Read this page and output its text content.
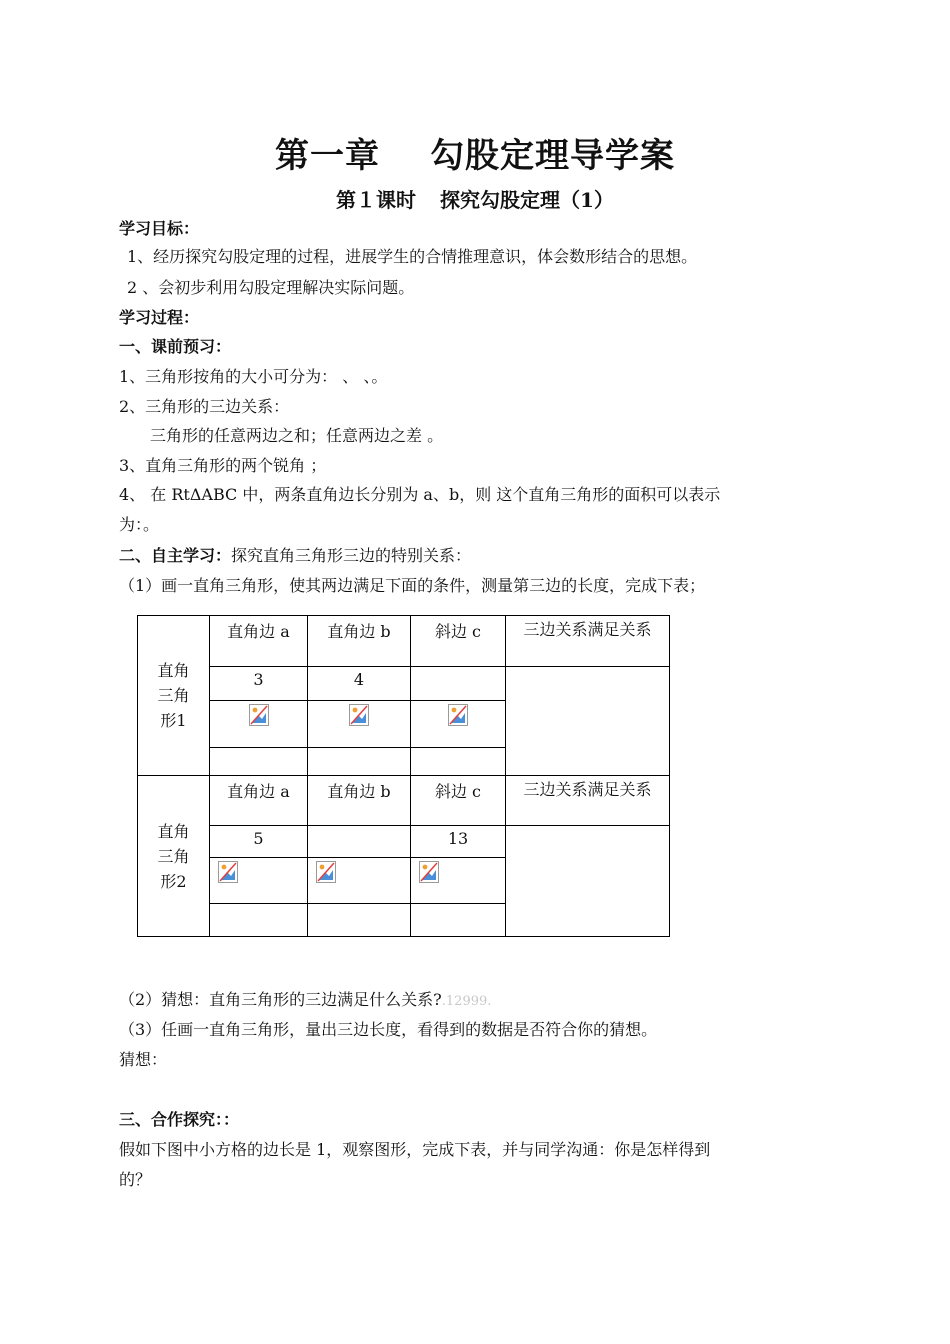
第一章 勾股定理导学案
第１课时 探究勾股定理（1）
学习目标：
1、经历探究勾股定理的过程，进展学生的合情推理意识，体会数形结合的思想。
2 、会初步利用勾股定理解决实际问题。
学习过程：
一、课前预习：
1、三角形按角的大小可分为： 、 、。
2、三角形的三边关系：
三角形的任意两边之和；任意两边之差 。
3、直角三角形的两个锐角 ；
4、 在 RtΔABC 中，两条直角边长分别为 a、b，则 这个直角三角形的面积可以表示
为：。
二、自主学习：探究直角三角形三边的特别关系：
（1）画一直角三角形，使其两边满足下面的条件，测量第三边的长度，完成下表；
直角三角形1	直角边 a	直角边 b	斜边 c	三边关系满足关系

	3	4		

直角三角形2	直角边 a	直角边 b	斜边 c	三边关系满足关系

	5		13	

（2）猜想：直角三角形的三边满足什么关系?.12999.
（3）任画一直角三角形，量出三边长度，看得到的数据是否符合你的猜想。
猜想：
三、合作探究：：
假如下图中小方格的边长是 1，观察图形，完成下表，并与同学沟通：你是怎样得到
的？
